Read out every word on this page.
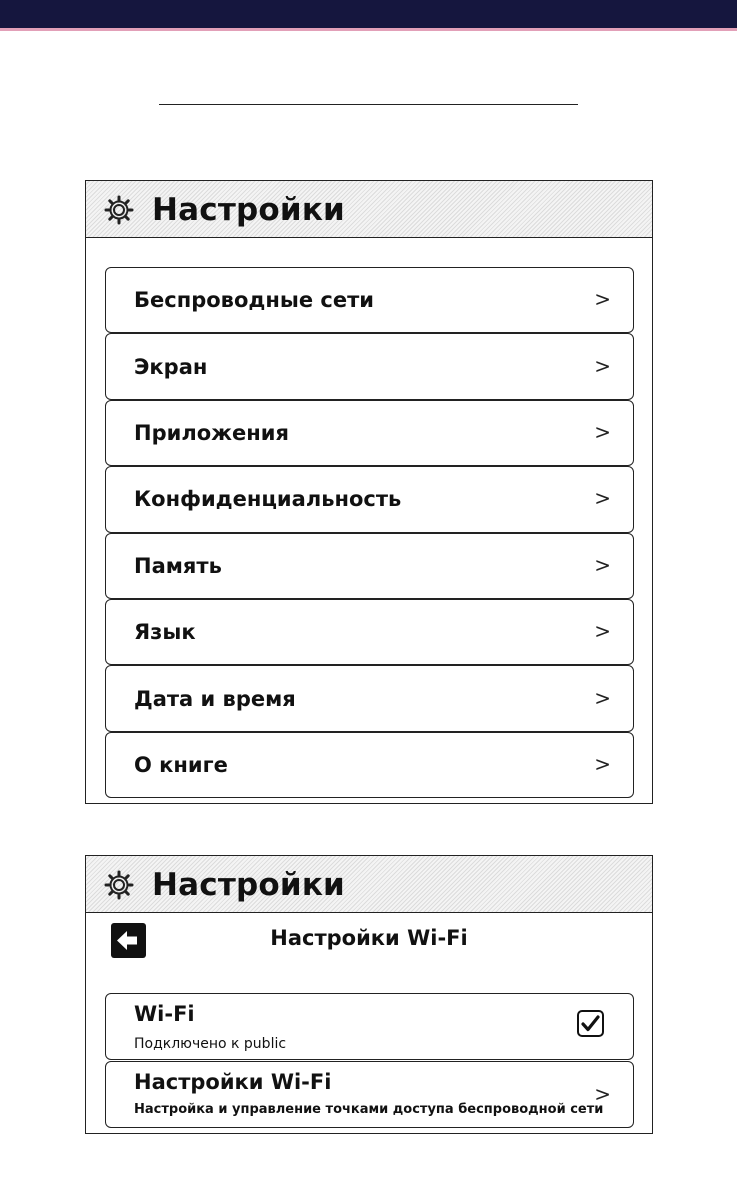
Настройки
Беспроводные сети	>
Экран	>
Приложения	>
Конфиденциальность	>
Память	>
Язык	>
Дата и время	>
О книге	>
Настройки
Настройки Wi-Fi
Wi-Fi
Подключено к public
Настройки Wi-Fi
Настройка и управление точками доступа беспроводной сети
>
